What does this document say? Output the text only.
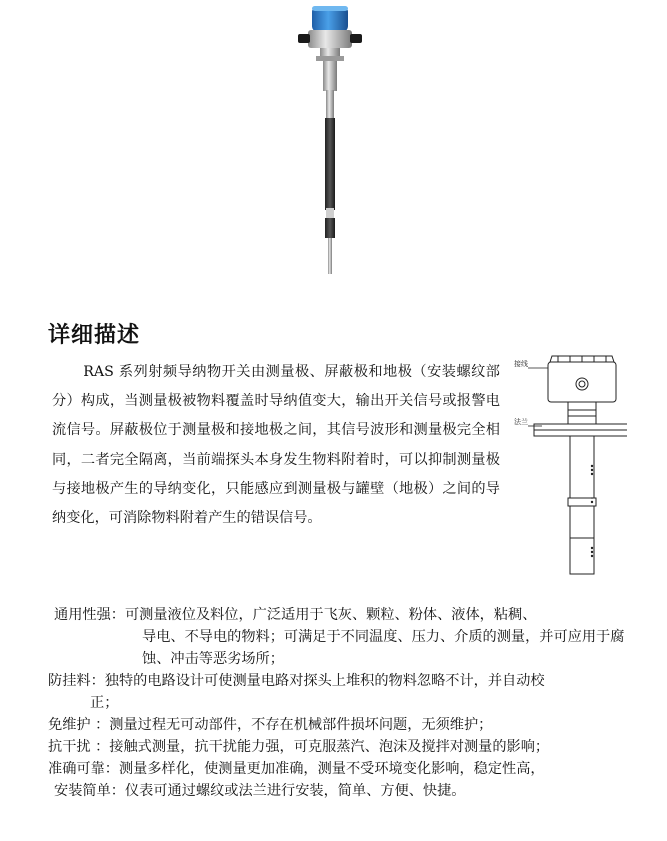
详细描述

RAS 系列射频导纳物开关由测量极、屏蔽极和地极（安装螺纹部分）构成，当测量极被物料覆盖时导纳值变大，输出开关信号或报警电流信号。屏蔽极位于测量极和接地极之间，其信号波形和测量极完全相同，二者完全隔离，当前端探头本身发生物料附着时，可以抑制测量极与接地极产生的导纳变化，只能感应到测量极与罐壁（地极）之间的导纳变化，可消除物料附着产生的错误信号。

接线
法兰
通用性强：可测量液位及料位，广泛适用于飞灰、颗粒、粉体、液体，粘稠、
导电、不导电的物料；可满足于不同温度、压力、介质的测量，并可应用于腐蚀、冲击等恶劣场所；
防挂料：独特的电路设计可使测量电路对探头上堆积的物料忽略不计，并自动校
正；
免维护 ：测量过程无可动部件，不存在机械部件损坏问题，无须维护；
抗干扰 ：接触式测量，抗干扰能力强，可克服蒸汽、泡沫及搅拌对测量的影响；
准确可靠：测量多样化，使测量更加准确，测量不受环境变化影响，稳定性高，
安装简单：仪表可通过螺纹或法兰进行安装，简单、方便、快捷。
